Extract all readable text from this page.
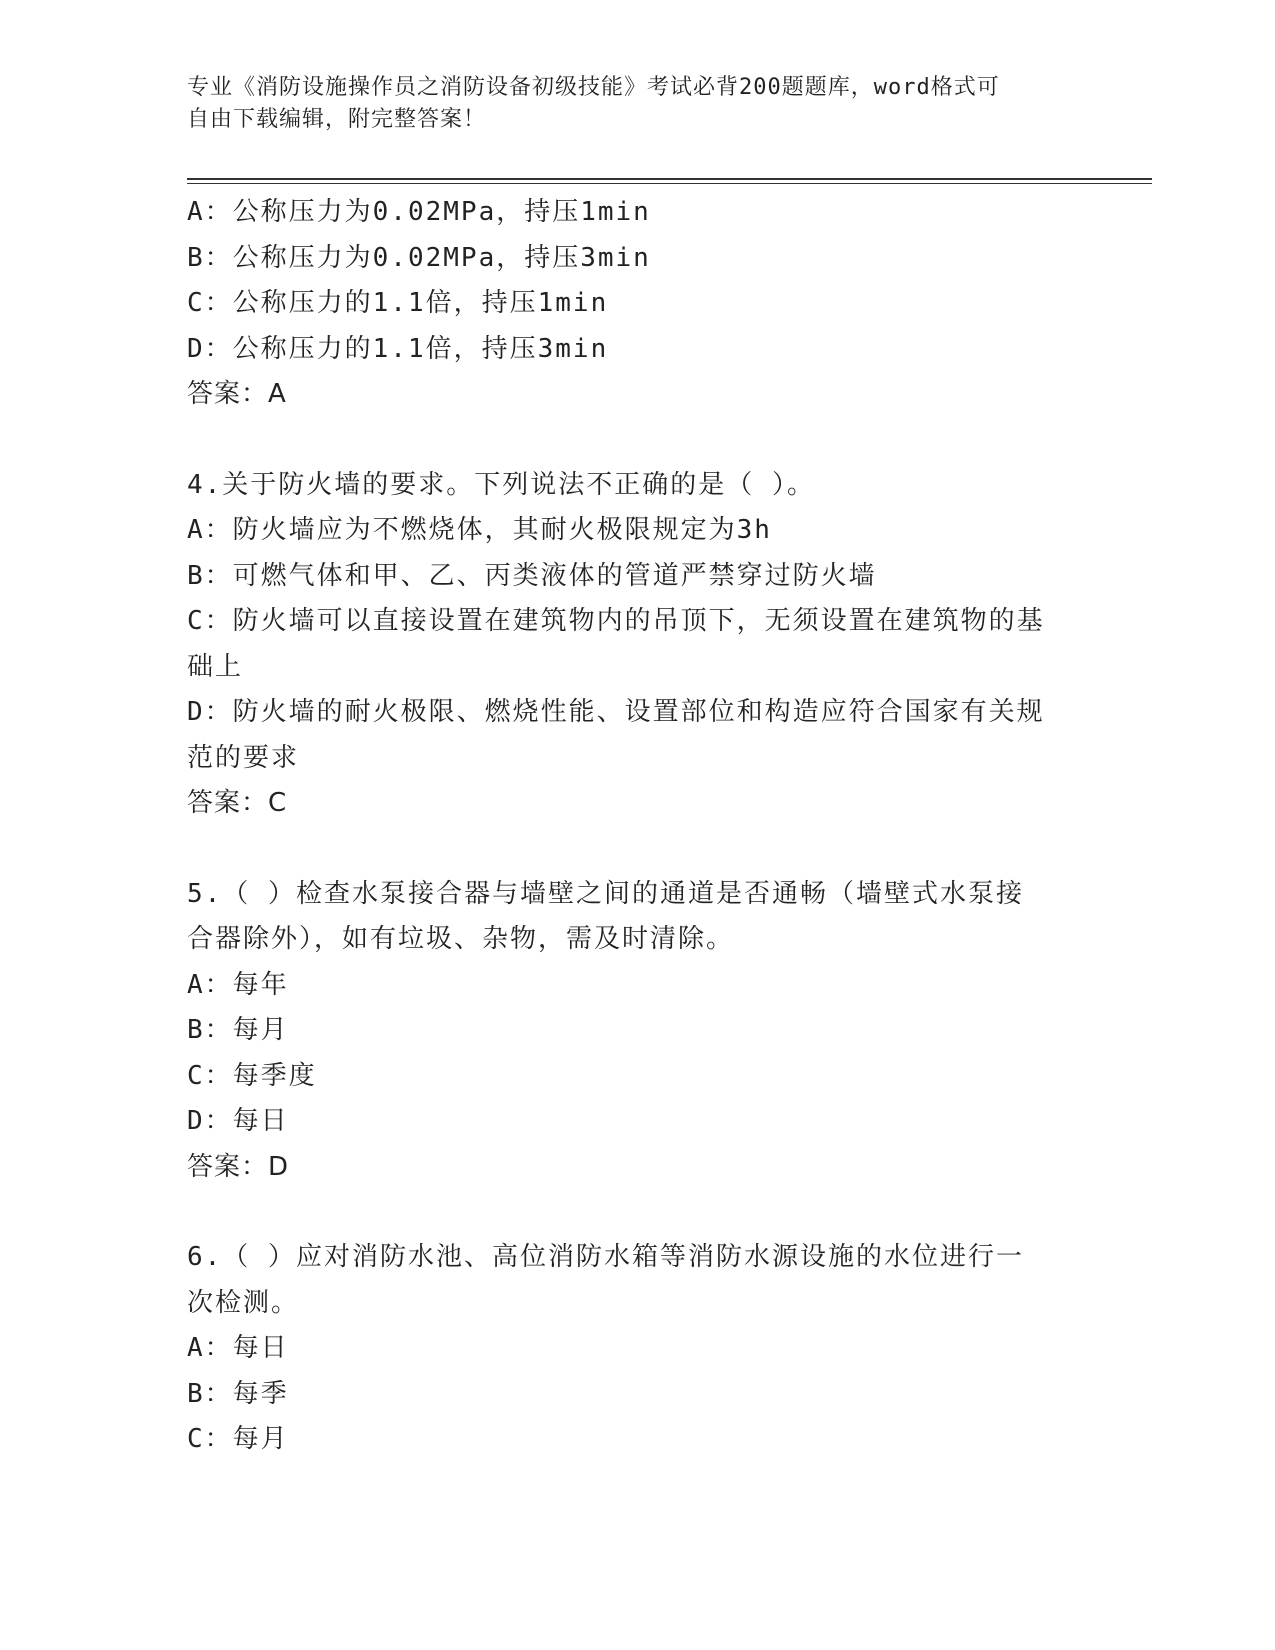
专业《消防设施操作员之消防设备初级技能》考试必背200题题库，word格式可
自由下载编辑，附完整答案！
A：公称压力为0.02MPa，持压1min
B：公称压力为0.02MPa，持压3min
C：公称压力的1.1倍，持压1min
D：公称压力的1.1倍，持压3min
答案：A
4.关于防火墙的要求。下列说法不正确的是（ ）。
A：防火墙应为不燃烧体，其耐火极限规定为3h
B：可燃气体和甲、乙、丙类液体的管道严禁穿过防火墙
C：防火墙可以直接设置在建筑物内的吊顶下，无须设置在建筑物的基
础上
D：防火墙的耐火极限、燃烧性能、设置部位和构造应符合国家有关规
范的要求
答案：C
5.（ ）检查水泵接合器与墙壁之间的通道是否通畅（墙壁式水泵接
合器除外），如有垃圾、杂物，需及时清除。
A：每年
B：每月
C：每季度
D：每日
答案：D
6.（ ）应对消防水池、高位消防水箱等消防水源设施的水位进行一
次检测。
A：每日
B：每季
C：每月
